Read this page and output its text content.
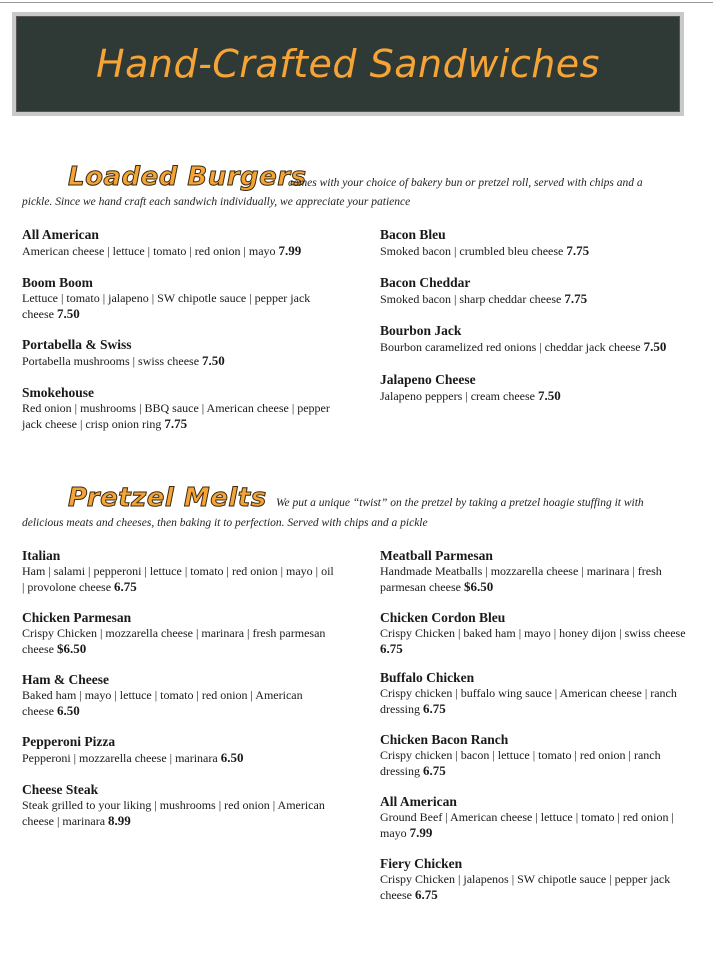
Hand-Crafted Sandwiches
Loaded Burgers
comes with your choice of bakery bun or pretzel roll, served with chips and a
pickle. Since we hand craft each sandwich individually, we appreciate your patience
All American
American cheese | lettuce | tomato | red onion | mayo 7.99
Boom Boom
Lettuce | tomato | jalapeno | SW chipotle sauce | pepper jack cheese 7.50
Portabella & Swiss
Portabella mushrooms | swiss cheese 7.50
Smokehouse
Red onion | mushrooms | BBQ sauce | American cheese | pepper jack cheese | crisp onion ring 7.75
Bacon Bleu
Smoked bacon | crumbled bleu cheese 7.75
Bacon Cheddar
Smoked bacon | sharp cheddar cheese 7.75
Bourbon Jack
Bourbon caramelized red onions | cheddar jack cheese 7.50
Jalapeno Cheese
Jalapeno peppers | cream cheese 7.50
Pretzel Melts We put a unique “twist” on the pretzel by taking a pretzel hoagie stuffing it with
delicious meats and cheeses, then baking it to perfection. Served with chips and a pickle
Italian
Ham | salami | pepperoni | lettuce | tomato | red onion | mayo | oil | provolone cheese 6.75
Chicken Parmesan
Crispy Chicken | mozzarella cheese | marinara | fresh parmesan cheese $6.50
Ham & Cheese
Baked ham | mayo | lettuce | tomato | red onion | American cheese 6.50
Pepperoni Pizza
Pepperoni | mozzarella cheese | marinara 6.50
Cheese Steak
Steak grilled to your liking | mushrooms | red onion | American cheese | marinara 8.99
Meatball Parmesan
Handmade Meatballs | mozzarella cheese | marinara | fresh parmesan cheese $6.50
Chicken Cordon Bleu
Crispy Chicken | baked ham | mayo | honey dijon | swiss cheese 6.75
Buffalo Chicken
Crispy chicken | buffalo wing sauce | American cheese | ranch dressing 6.75
Chicken Bacon Ranch
Crispy chicken | bacon | lettuce | tomato | red onion | ranch dressing 6.75
All American
Ground Beef | American cheese | lettuce | tomato | red onion | mayo 7.99
Fiery Chicken
Crispy Chicken | jalapenos | SW chipotle sauce | pepper jack cheese 6.75
